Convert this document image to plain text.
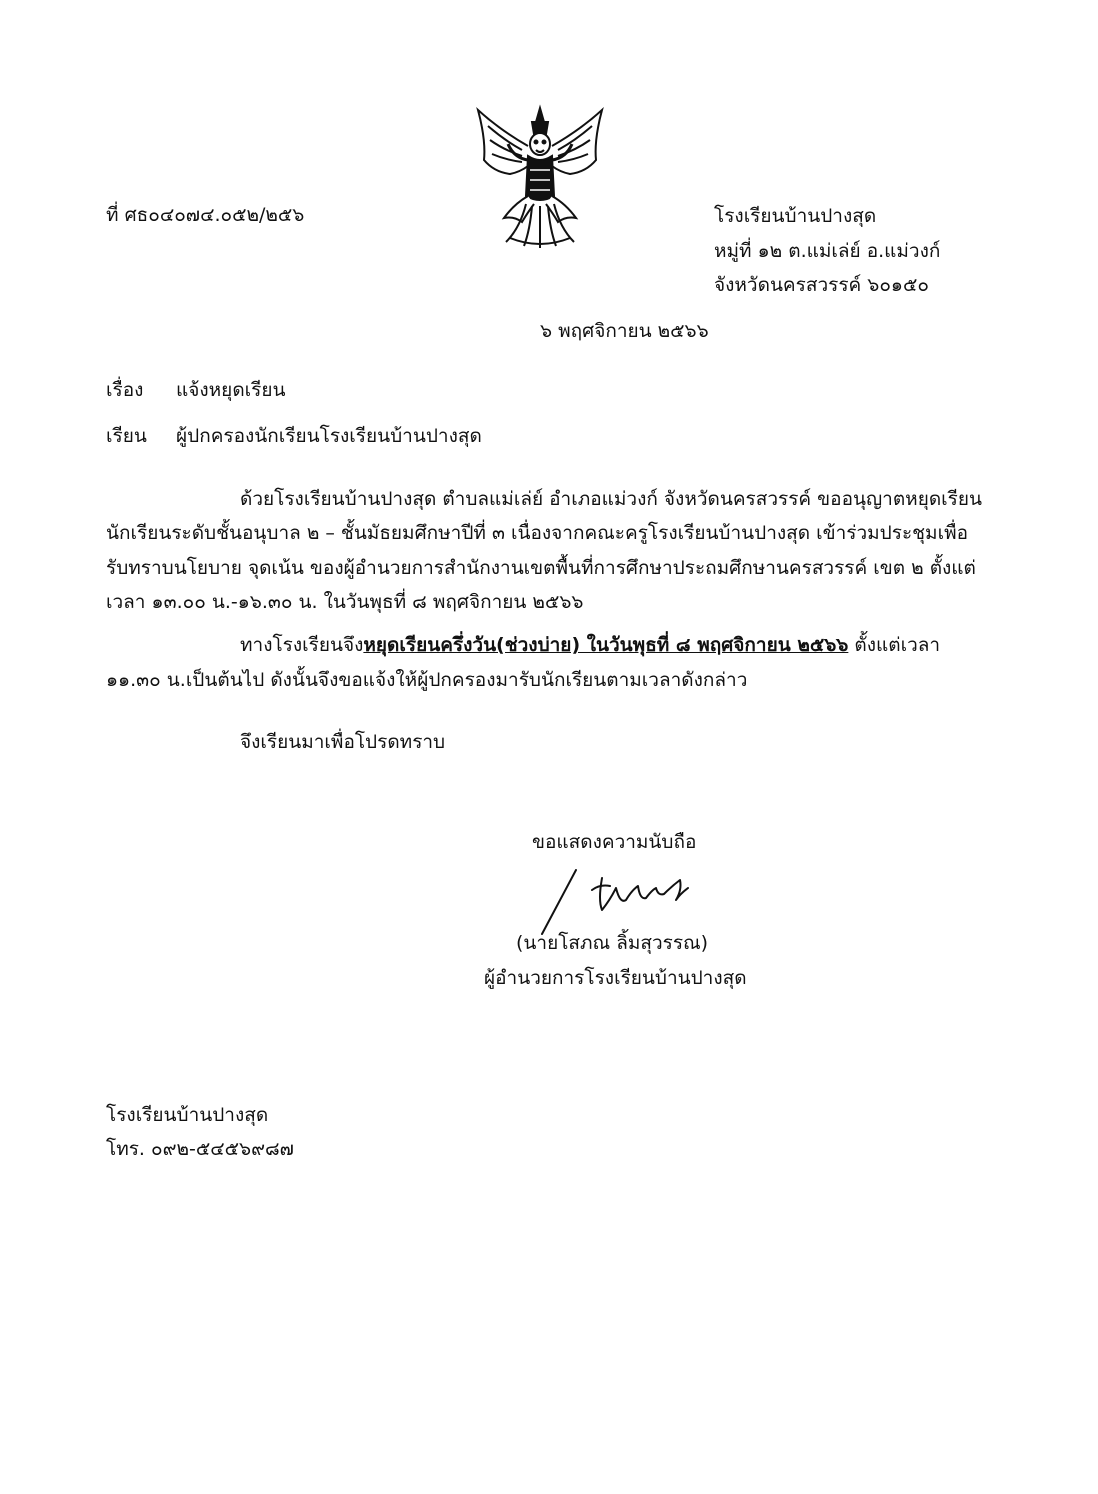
ที่ ศธ๐๔๐๗๔.๐๕๒/๒๕๖	โรงเรียนบ้านปางสุด
หมู่ที่ ๑๒ ต.แม่เล่ย์ อ.แม่วงก์
จังหวัดนครสวรรค์ ๖๐๑๕๐
๖ พฤศจิกายน ๒๕๖๖
เรื่อง แจ้งหยุดเรียน
เรียน ผู้ปกครองนักเรียนโรงเรียนบ้านปางสุด
ด้วยโรงเรียนบ้านปางสุด ตำบลแม่เล่ย์ อำเภอแม่วงก์ จังหวัดนครสวรรค์ ขออนุญาตหยุดเรียน
นักเรียนระดับชั้นอนุบาล ๒ – ชั้นมัธยมศึกษาปีที่ ๓ เนื่องจากคณะครูโรงเรียนบ้านปางสุด เข้าร่วมประชุมเพื่อ
รับทราบนโยบาย จุดเน้น ของผู้อำนวยการสำนักงานเขตพื้นที่การศึกษาประถมศึกษานครสวรรค์ เขต ๒ ตั้งแต่
เวลา ๑๓.๐๐ น.-๑๖.๓๐ น. ในวันพุธที่ ๘ พฤศจิกายน ๒๕๖๖
ทางโรงเรียนจึงหยุดเรียนครึ่งวัน(ช่วงบ่าย) ในวันพุธที่ ๘ พฤศจิกายน ๒๕๖๖ ตั้งแต่เวลา
๑๑.๓๐ น.เป็นต้นไป ดังนั้นจึงขอแจ้งให้ผู้ปกครองมารับนักเรียนตามเวลาดังกล่าว
จึงเรียนมาเพื่อโปรดทราบ
ขอแสดงความนับถือ
(นายโสภณ ลิ้มสุวรรณ)
ผู้อำนวยการโรงเรียนบ้านปางสุด
โรงเรียนบ้านปางสุด
โทร. ๐๙๒-๕๔๕๖๙๘๗
